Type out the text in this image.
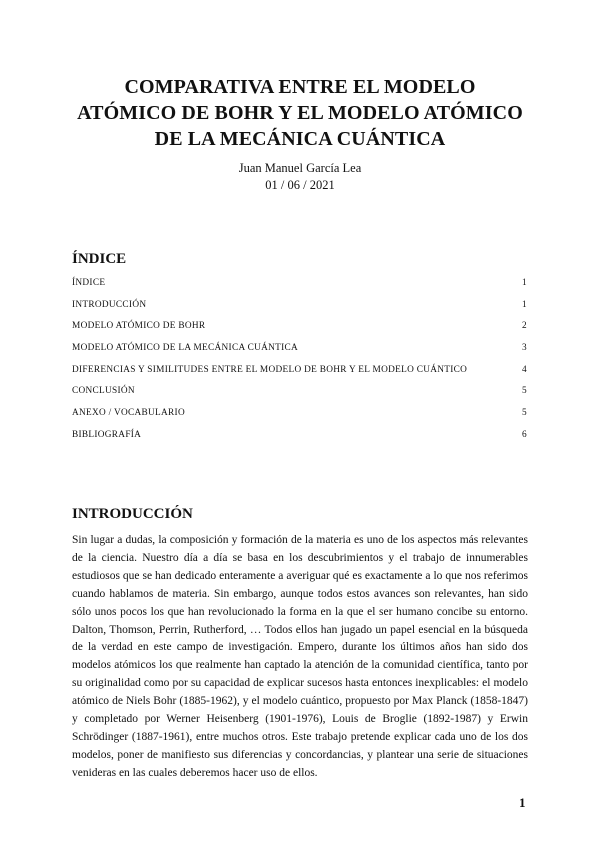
COMPARATIVA ENTRE EL MODELO
ATÓMICO DE BOHR Y EL MODELO ATÓMICO
DE LA MECÁNICA CUÁNTICA
Juan Manuel García Lea
01 / 06 / 2021
ÍNDICE
ÍNDICE	1
INTRODUCCIÓN	1
MODELO ATÓMICO DE BOHR	2
MODELO ATÓMICO DE LA MECÁNICA CUÁNTICA	3
DIFERENCIAS Y SIMILITUDES ENTRE EL MODELO DE BOHR Y EL MODELO CUÁNTICO	4
CONCLUSIÓN	5
ANEXO / VOCABULARIO	5
BIBLIOGRAFÍA	6
INTRODUCCIÓN

Sin lugar a dudas, la composición y formación de la materia es uno de los aspectos más relevantes de la ciencia. Nuestro día a día se basa en los descubrimientos y el trabajo de innumerables estudiosos que se han dedicado enteramente a averiguar qué es exactamente a lo que nos referimos cuando hablamos de materia. Sin embargo, aunque todos estos avances son relevantes, han sido sólo unos pocos los que han revolucionado la forma en la que el ser humano concibe su entorno. Dalton, Thomson, Perrin, Rutherford, … Todos ellos han jugado un papel esencial en la búsqueda de la verdad en este campo de investigación. Empero, durante los últimos años han sido dos modelos atómicos los que realmente han captado la atención de la comunidad científica, tanto por su originalidad como por su capacidad de explicar sucesos hasta entonces inexplicables: el modelo atómico de Niels Bohr (1885-1962), y el modelo cuántico, propuesto por Max Planck (1858-1847) y completado por Werner Heisenberg (1901-1976), Louis de Broglie (1892-1987) y Erwin Schrödinger (1887-1961), entre muchos otros. Este trabajo pretende explicar cada uno de los dos modelos, poner de manifiesto sus diferencias y concordancias, y plantear una serie de situaciones venideras en las cuales deberemos hacer uso de ellos.

1
